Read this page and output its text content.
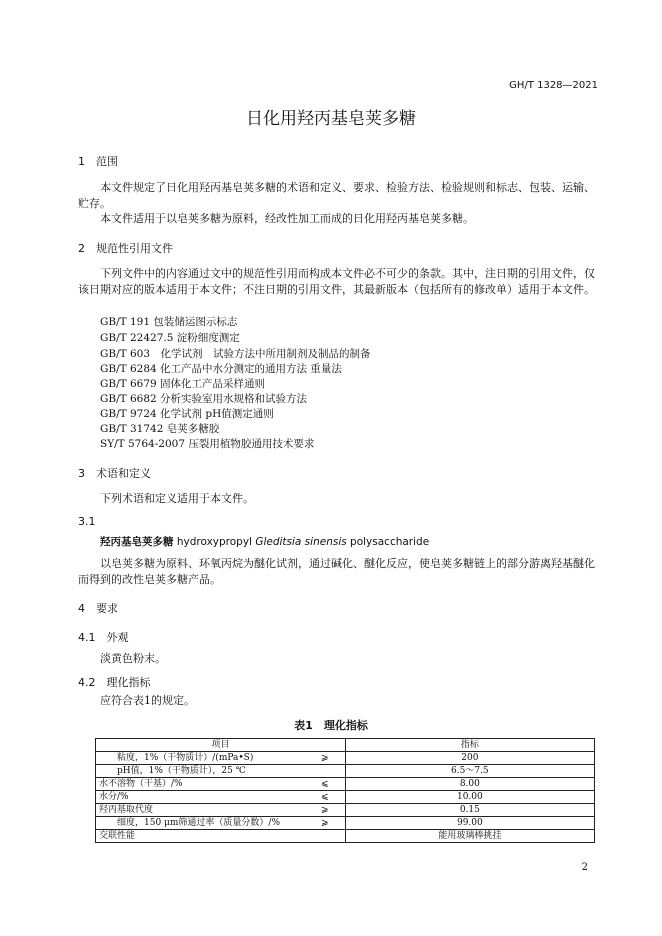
GH/T 1328—2021
日化用羟丙基皂荚多糖
1　范围
本文件规定了日化用羟丙基皂荚多糖的术语和定义、要求、检验方法、检验规则和标志、包装、运输、贮存。
本文件适用于以皂荚多糖为原料，经改性加工而成的日化用羟丙基皂荚多糖。
2　规范性引用文件
下列文件中的内容通过文中的规范性引用而构成本文件必不可少的条款。其中，注日期的引用文件，仅该日期对应的版本适用于本文件；不注日期的引用文件，其最新版本（包括所有的修改单）适用于本文件。
GB/T 191 包装储运图示标志
GB/T 22427.5 淀粉细度测定
GB/T 603　化学试剂　试验方法中所用制剂及制品的制备
GB/T 6284 化工产品中水分测定的通用方法 重量法
GB/T 6679 固体化工产品采样通则
GB/T 6682 分析实验室用水规格和试验方法
GB/T 9724 化学试剂 pH值测定通则
GB/T 31742 皂荚多糖胶
SY/T 5764-2007 压裂用植物胶通用技术要求
3　术语和定义
下列术语和定义适用于本文件。
3.1
羟丙基皂荚多糖 hydroxypropyl Gleditsia sinensis polysaccharide
以皂荚多糖为原料、环氧丙烷为醚化试剂，通过碱化、醚化反应，使皂荚多糖链上的部分游离羟基醚化而得到的改性皂荚多糖产品。
4　要求
4.1　外观
淡黄色粉末。
4.2　理化指标
应符合表1的规定。
表1　理化指标
项目	指标
粘度，1%（干物质计）/(mPa•S) ⩾	200
pH值，1%（干物质计），25 ℃	6.5～7.5
水不溶物（干基）/% ⩽	8.00
水分/% ⩽	10.00
羟丙基取代度 ⩾	0.15
细度，150 μm筛通过率（质量分数）/% ⩾	99.00
交联性能	能用玻璃棒挑挂
2
